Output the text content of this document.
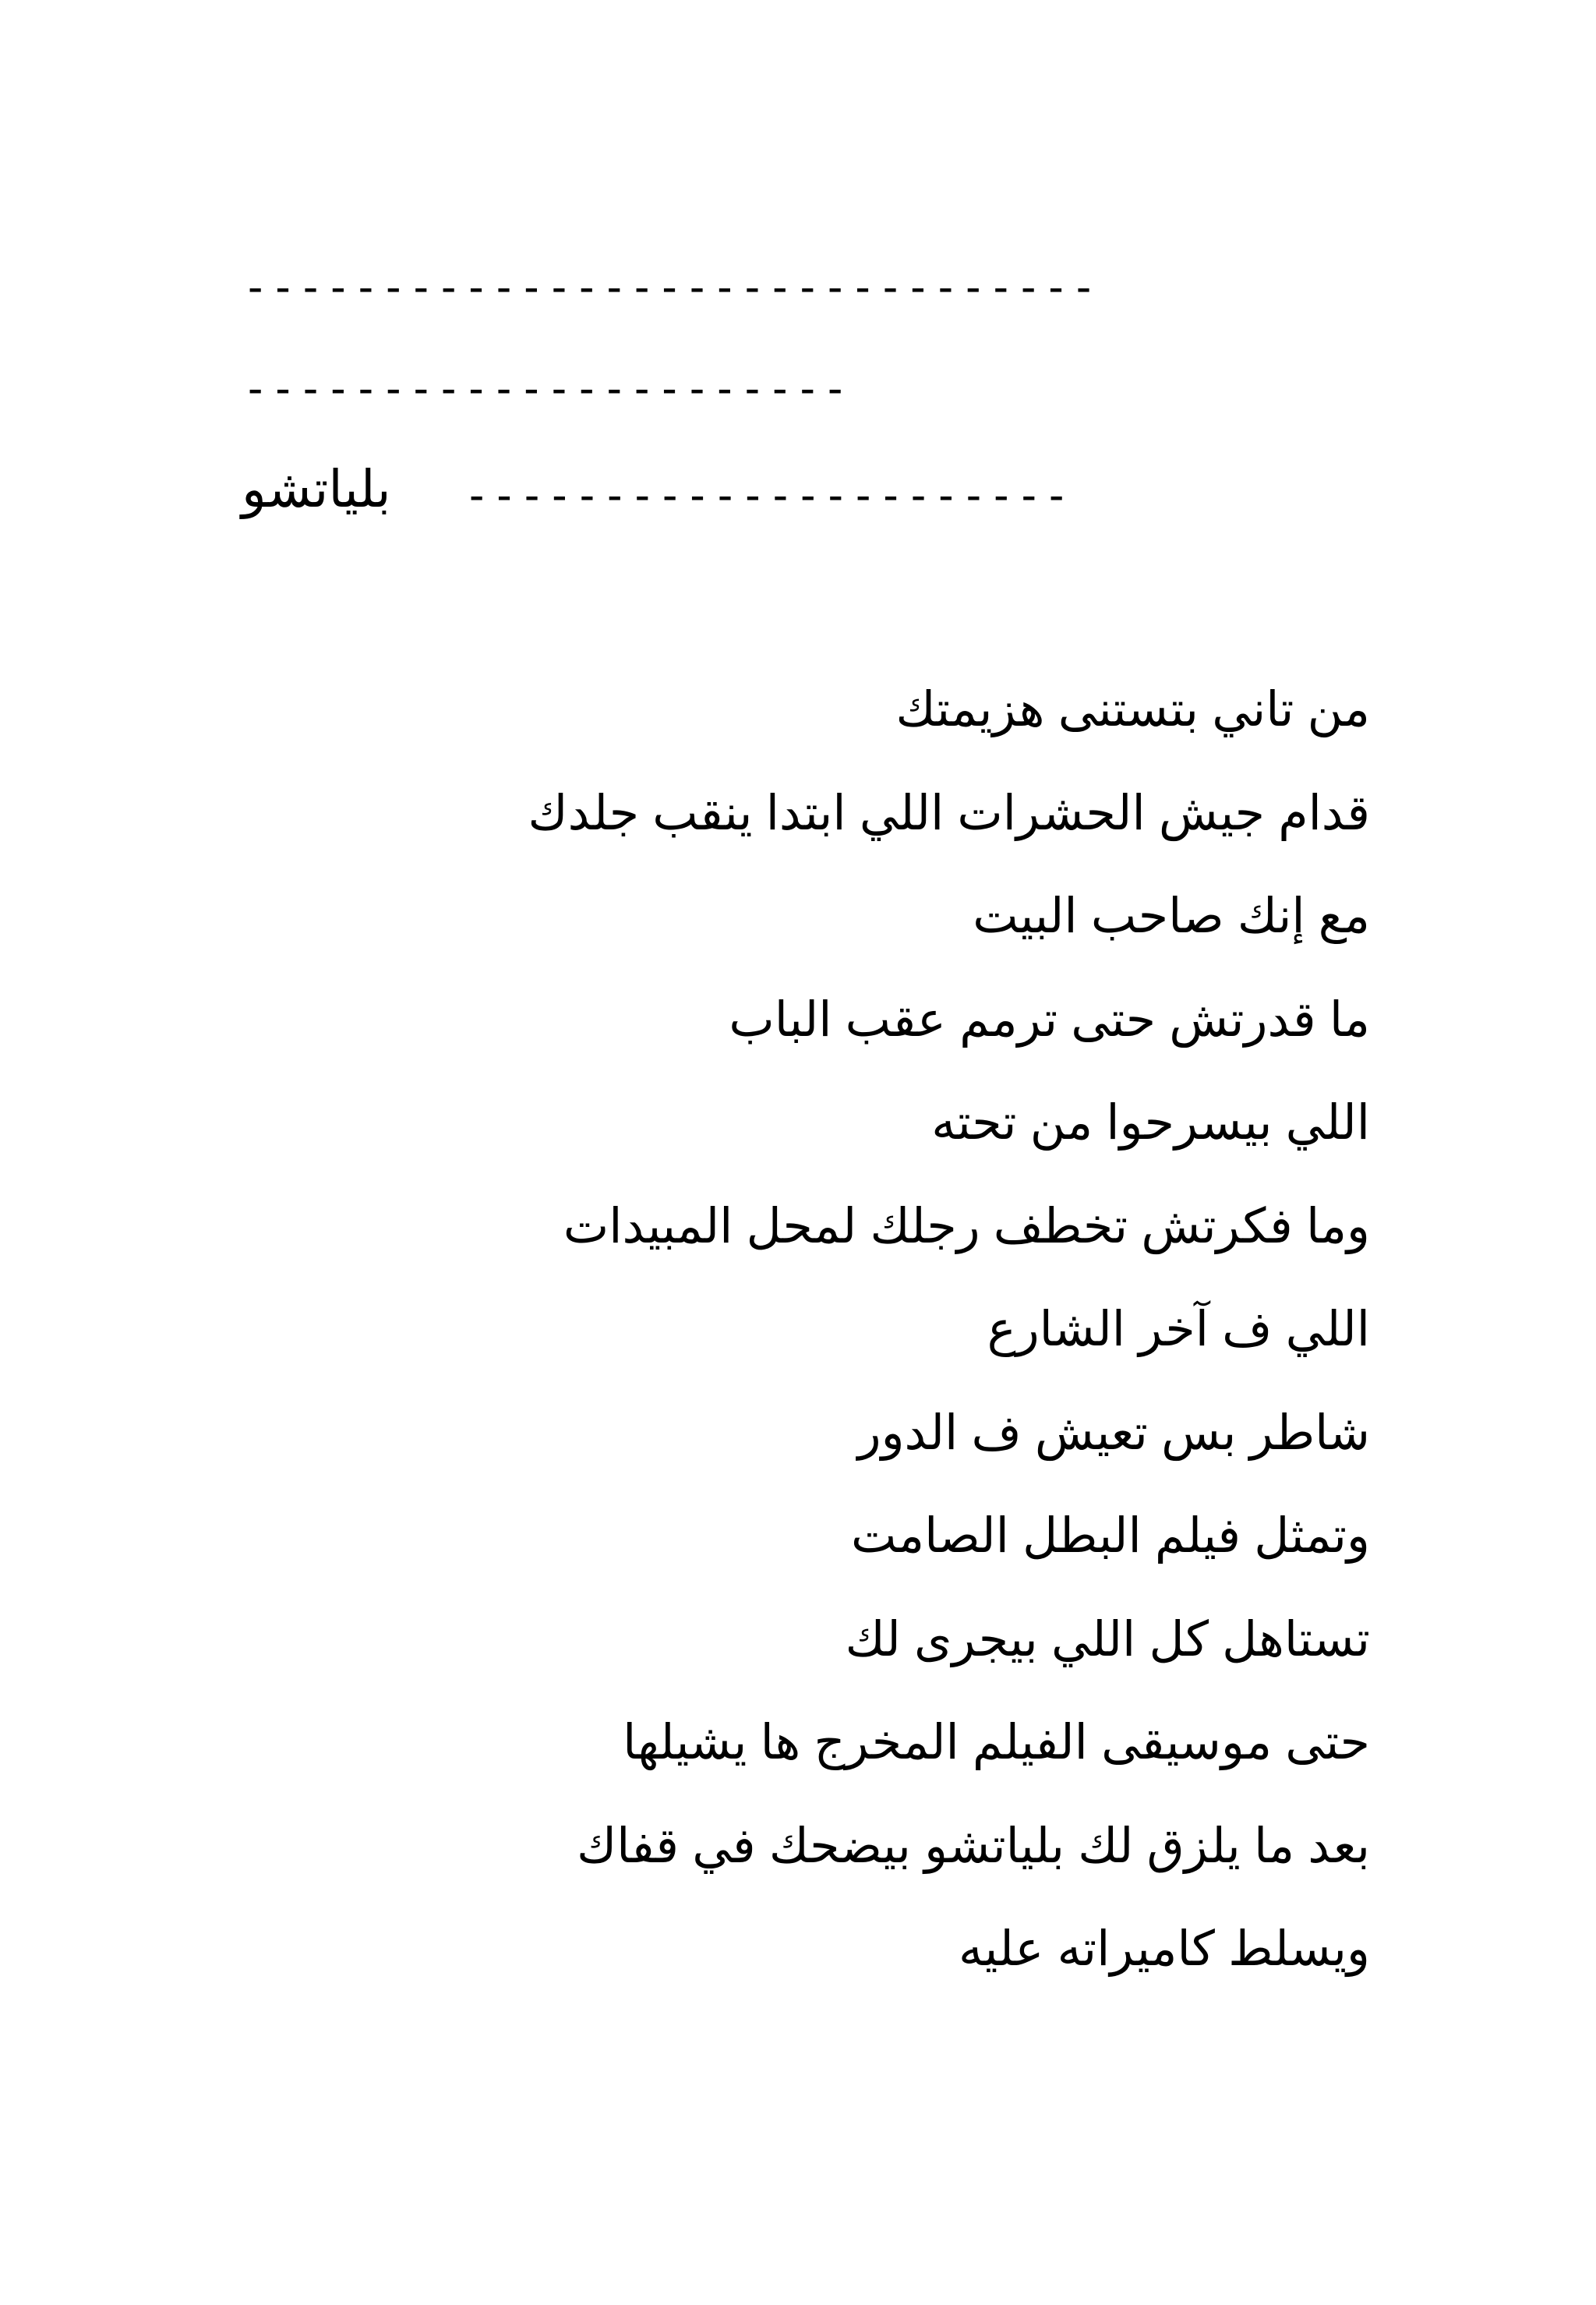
- - - - - - - - - - - - - - - - - - - - - - - - - - - - - - -
- - - - - - - - - - - - - - - - - - - - - -
- - - - - - - - - - - - - - - - - - - - - -
بلياتشو
من تاني بتستنى هزيمتك
قدام جيش الحشرات اللي ابتدا ينقب جلدك
مع إنك صاحب البيت
ما قدرتش حتى ترمم عقب الباب
اللي بيسرحوا من تحته
وما فكرتش تخطف رجلك لمحل المبيدات
اللي ف آخر الشارع
شاطر بس تعيش ف الدور
وتمثل فيلم البطل الصامت
تستاهل كل اللي بيجرى لك
حتى موسيقى الفيلم المخرج ها يشيلها
بعد ما يلزق لك بلياتشو بيضحك في قفاك
ويسلط كاميراته عليه
